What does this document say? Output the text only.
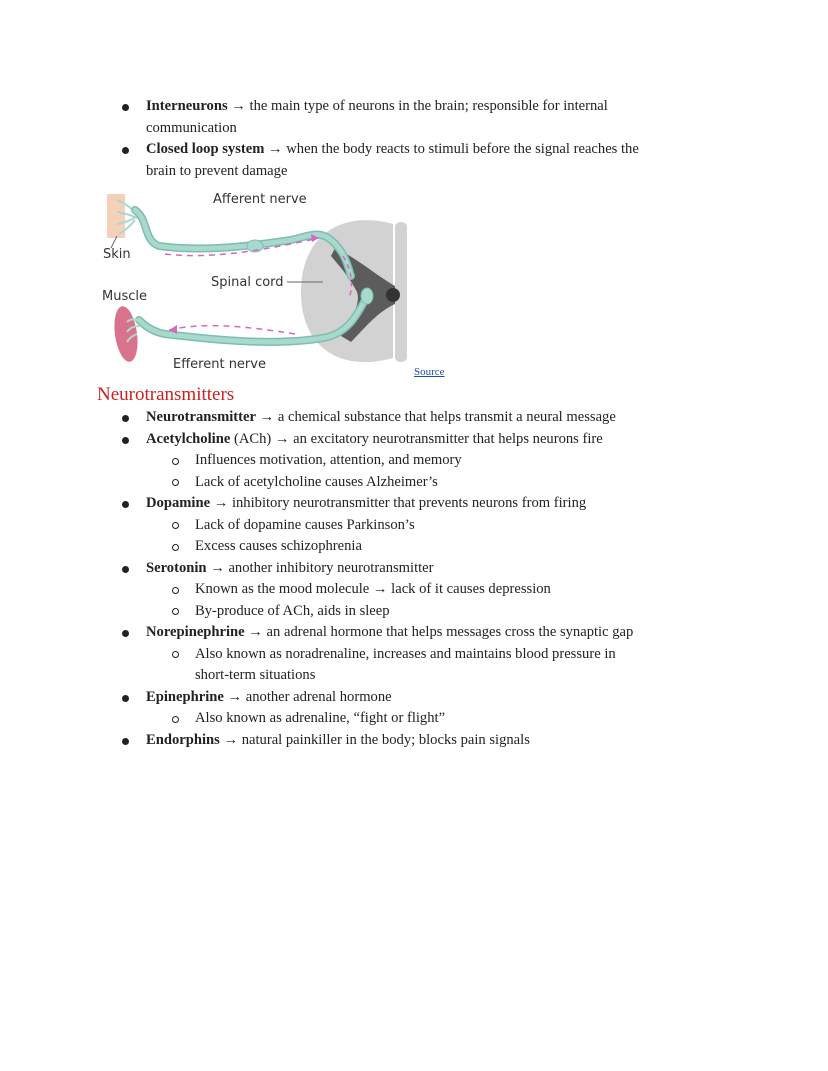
Interneurons → the main type of neurons in the brain; responsible for internal
communication
Closed loop system → when the body reacts to stimuli before the signal reaches the
brain to prevent damage
Afferent nerve
Skin
Spinal cord
Muscle
Efferent nerve	Source
Neurotransmitters
Neurotransmitter → a chemical substance that helps transmit a neural message
Acetylcholine (ACh) → an excitatory neurotransmitter that helps neurons fire
Influences motivation, attention, and memory
Lack of acetylcholine causes Alzheimer’s
Dopamine → inhibitory neurotransmitter that prevents neurons from firing
Lack of dopamine causes Parkinson’s
Excess causes schizophrenia
Serotonin → another inhibitory neurotransmitter
Known as the mood molecule → lack of it causes depression
By-produce of ACh, aids in sleep
Norepinephrine → an adrenal hormone that helps messages cross the synaptic gap
Also known as noradrenaline, increases and maintains blood pressure in
short-term situations
Epinephrine → another adrenal hormone
Also known as adrenaline, “fight or flight”
Endorphins → natural painkiller in the body; blocks pain signals
